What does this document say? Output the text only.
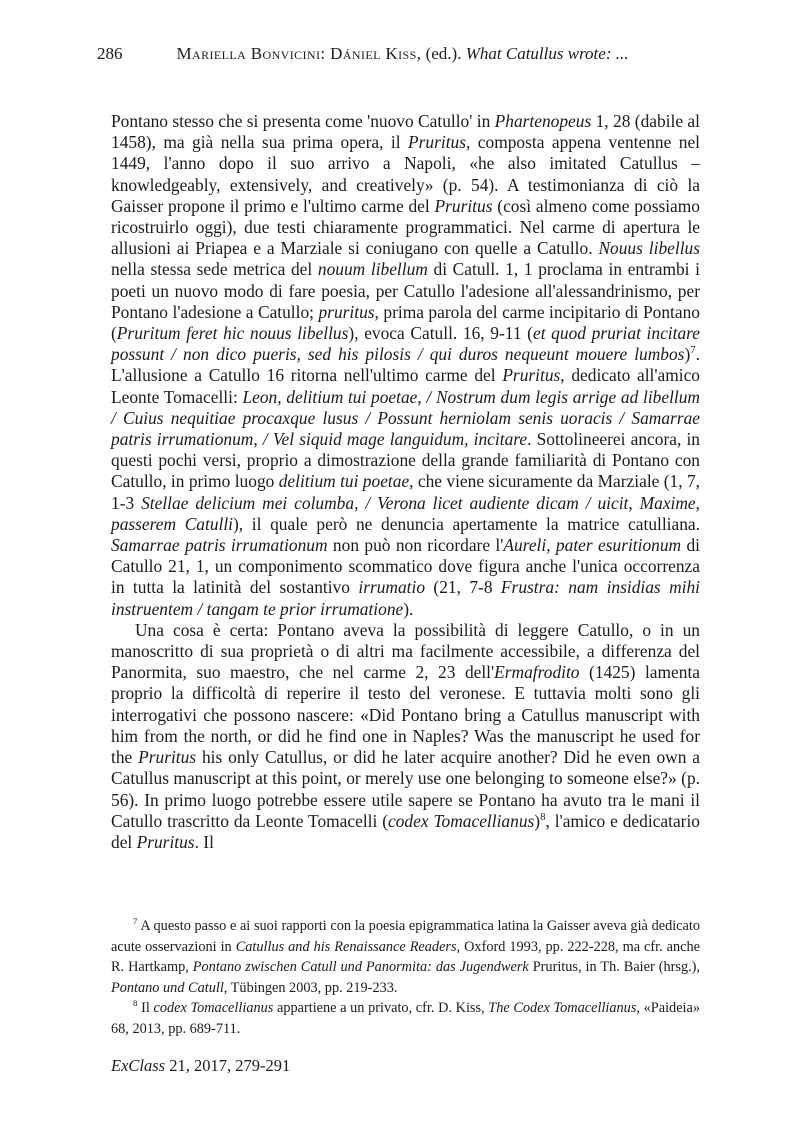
286	Mariella Bonvicini: Dániel Kiss, (ed.). What Catullus wrote: ...

Pontano stesso che si presenta come 'nuovo Catullo' in Phartenopeus 1, 28 (dabile al 1458), ma già nella sua prima opera, il Pruritus, composta appena ventenne nel 1449, l'anno dopo il suo arrivo a Napoli, «he also imitated Catullus – knowledgeably, extensively, and creatively» (p. 54). A testimonianza di ciò la Gaisser propone il primo e l'ultimo carme del Pruritus (così almeno come possiamo ricostruirlo oggi), due testi chiaramente programmatici. Nel carme di apertura le allusioni ai Priapea e a Marziale si coniugano con quelle a Catullo. Nouus libellus nella stessa sede metrica del nouum libellum di Catull. 1, 1 proclama in entrambi i poeti un nuovo modo di fare poesia, per Catullo l'adesione all'alessandrinismo, per Pontano l'adesione a Catullo; pruritus, prima parola del carme incipitario di Pontano (Pruritum feret hic nouus libellus), evoca Catull. 16, 9-11 (et quod pruriat incitare possunt / non dico pueris, sed his pilosis / qui duros nequeunt mouere lumbos)$^7$. L'allusione a Catullo 16 ritorna nell'ultimo carme del Pruritus, dedicato all'amico Leonte Tomacelli: Leon, delitium tui poetae, / Nostrum dum legis arrige ad libellum / Cuius nequitiae procaxque lusus / Possunt herniolam senis uoracis / Samarrae patris irrumationum, / Vel siquid mage languidum, incitare. Sottolineerei ancora, in questi pochi versi, proprio a dimostrazione della grande familiarità di Pontano con Catullo, in primo luogo delitium tui poetae, che viene sicuramente da Marziale (1, 7, 1-3 Stellae delicium mei columba, / Verona licet audiente dicam / uicit, Maxime, passerem Catulli), il quale però ne denuncia apertamente la matrice catulliana. Samarrae patris irrumationum non può non ricordare l'Aureli, pater esuritionum di Catullo 21, 1, un componimento scommatico dove figura anche l'unica occorrenza in tutta la latinità del sostantivo irrumatio (21, 7-8 Frustra: nam insidias mihi instruentem / tangam te prior irrumatione).

Una cosa è certa: Pontano aveva la possibilità di leggere Catullo, o in un manoscritto di sua proprietà o di altri ma facilmente accessibile, a differenza del Panormita, suo maestro, che nel carme 2, 23 dell'Ermafrodito (1425) lamenta proprio la difficoltà di reperire il testo del veronese. E tuttavia molti sono gli interrogativi che possono nascere: «Did Pontano bring a Catullus manuscript with him from the north, or did he find one in Naples? Was the manuscript he used for the Pruritus his only Catullus, or did he later acquire another? Did he even own a Catullus manuscript at this point, or merely use one belonging to someone else?» (p. 56). In primo luogo potrebbe essere utile sapere se Pontano ha avuto tra le mani il Catullo trascritto da Leonte Tomacelli (codex Tomacellianus)$^8$, l'amico e dedicatario del Pruritus. Il

$^7$ A questo passo e ai suoi rapporti con la poesia epigrammatica latina la Gaisser aveva già dedicato acute osservazioni in Catullus and his Renaissance Readers, Oxford 1993, pp. 222-228, ma cfr. anche R. Hartkamp, Pontano zwischen Catull und Panormita: das Jugendwerk Pruritus, in Th. Baier (hrsg.), Pontano und Catull, Tübingen 2003, pp. 219-233.

$^8$ Il codex Tomacellianus appartiene a un privato, cfr. D. Kiss, The Codex Tomacellianus, «Paideia» 68, 2013, pp. 689-711.

ExClass 21, 2017, 279-291
